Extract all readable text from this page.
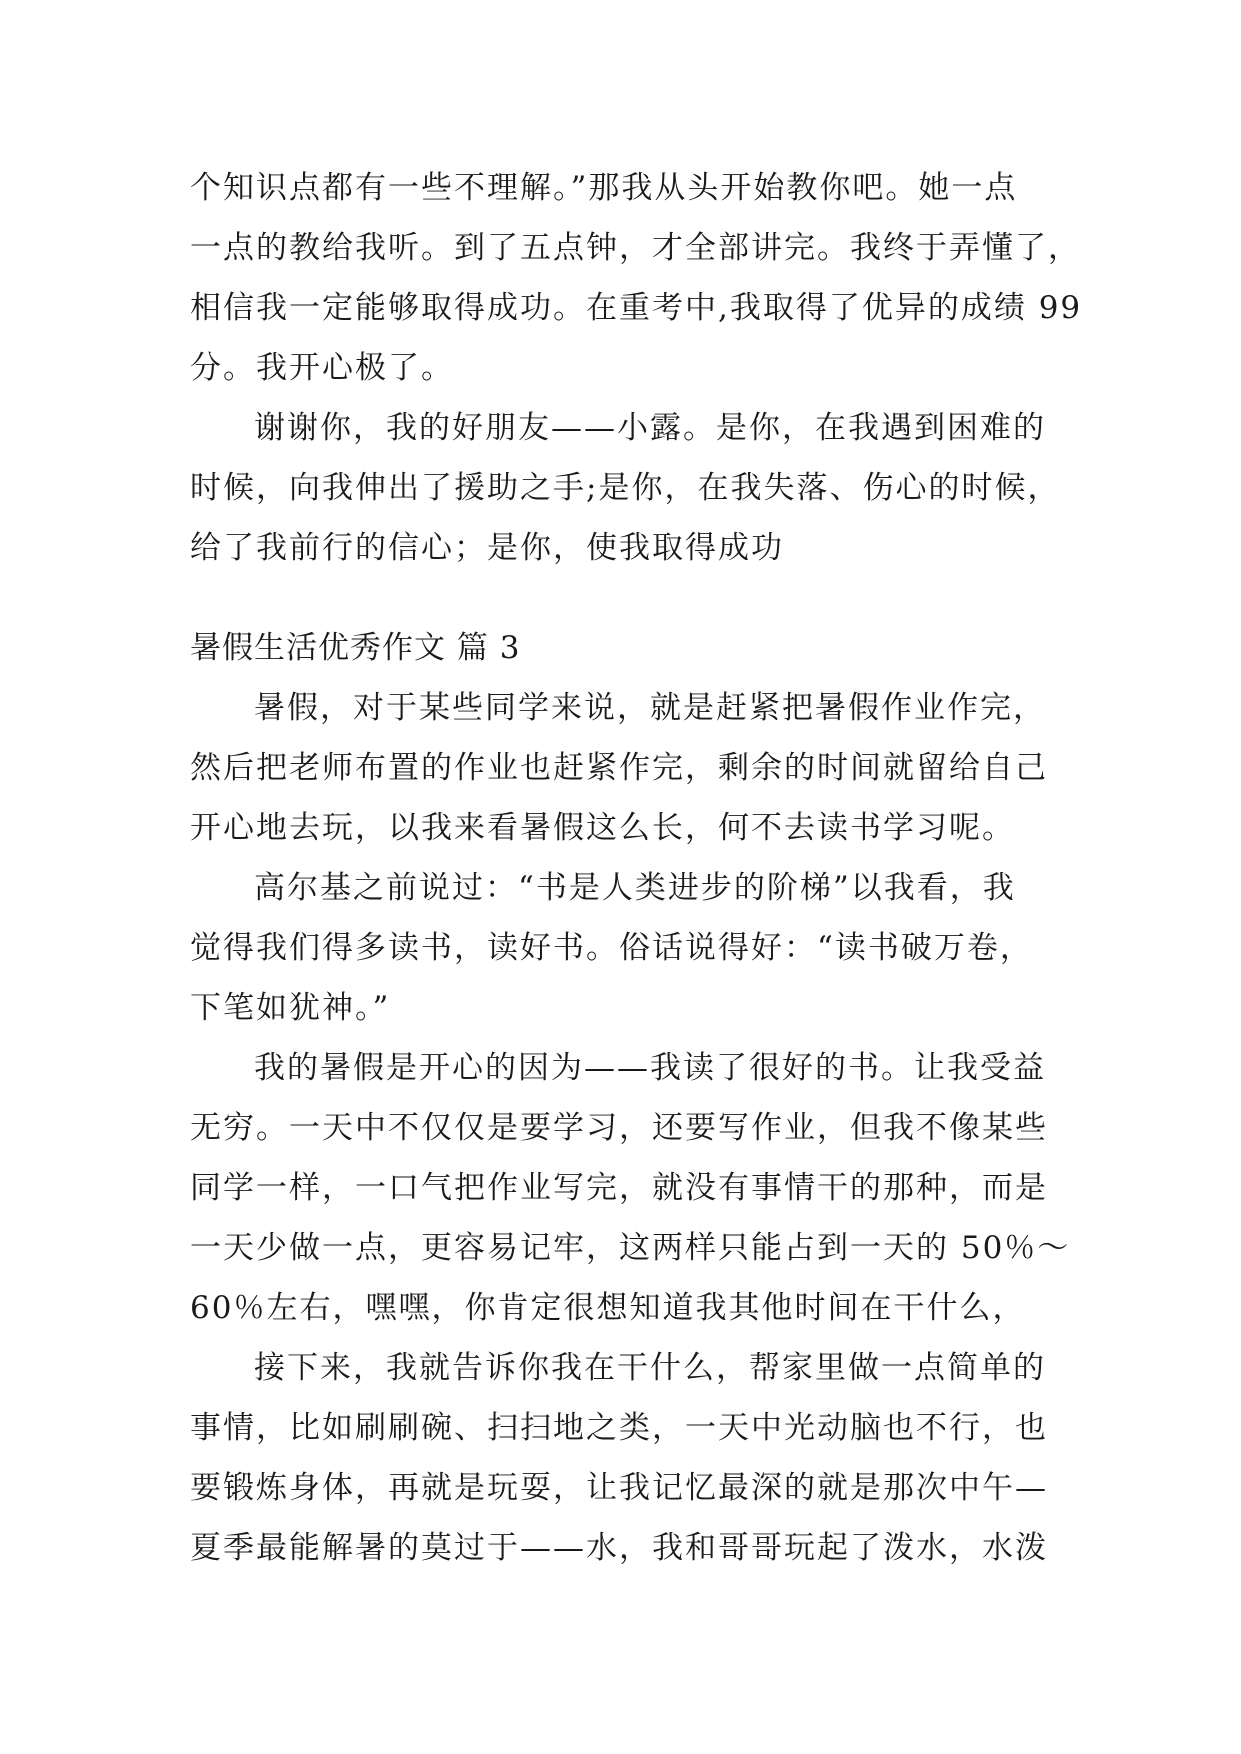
个知识点都有一些不理解。”那我从头开始教你吧。她一点
一点的教给我听。到了五点钟，才全部讲完。我终于弄懂了，
相信我一定能够取得成功。在重考中,我取得了优异的成绩 99
分。我开心极了。
谢谢你，我的好朋友——小露。是你，在我遇到困难的
时候，向我伸出了援助之手;是你，在我失落、伤心的时候，
给了我前行的信心；是你，使我取得成功
暑假生活优秀作文 篇 3
暑假，对于某些同学来说，就是赶紧把暑假作业作完，
然后把老师布置的作业也赶紧作完，剩余的时间就留给自己
开心地去玩，以我来看暑假这么长，何不去读书学习呢。
高尔基之前说过：“书是人类进步的阶梯”以我看，我
觉得我们得多读书，读好书。俗话说得好：“读书破万卷，
下笔如犹神。”
我的暑假是开心的因为——我读了很好的书。让我受益
无穷。一天中不仅仅是要学习，还要写作业，但我不像某些
同学一样，一口气把作业写完，就没有事情干的那种，而是
一天少做一点，更容易记牢，这两样只能占到一天的 50％～
60％左右，嘿嘿，你肯定很想知道我其他时间在干什么，
接下来，我就告诉你我在干什么，帮家里做一点简单的
事情，比如刷刷碗、扫扫地之类，一天中光动脑也不行，也
要锻炼身体，再就是玩耍，让我记忆最深的就是那次中午—
夏季最能解暑的莫过于——水，我和哥哥玩起了泼水，水泼
